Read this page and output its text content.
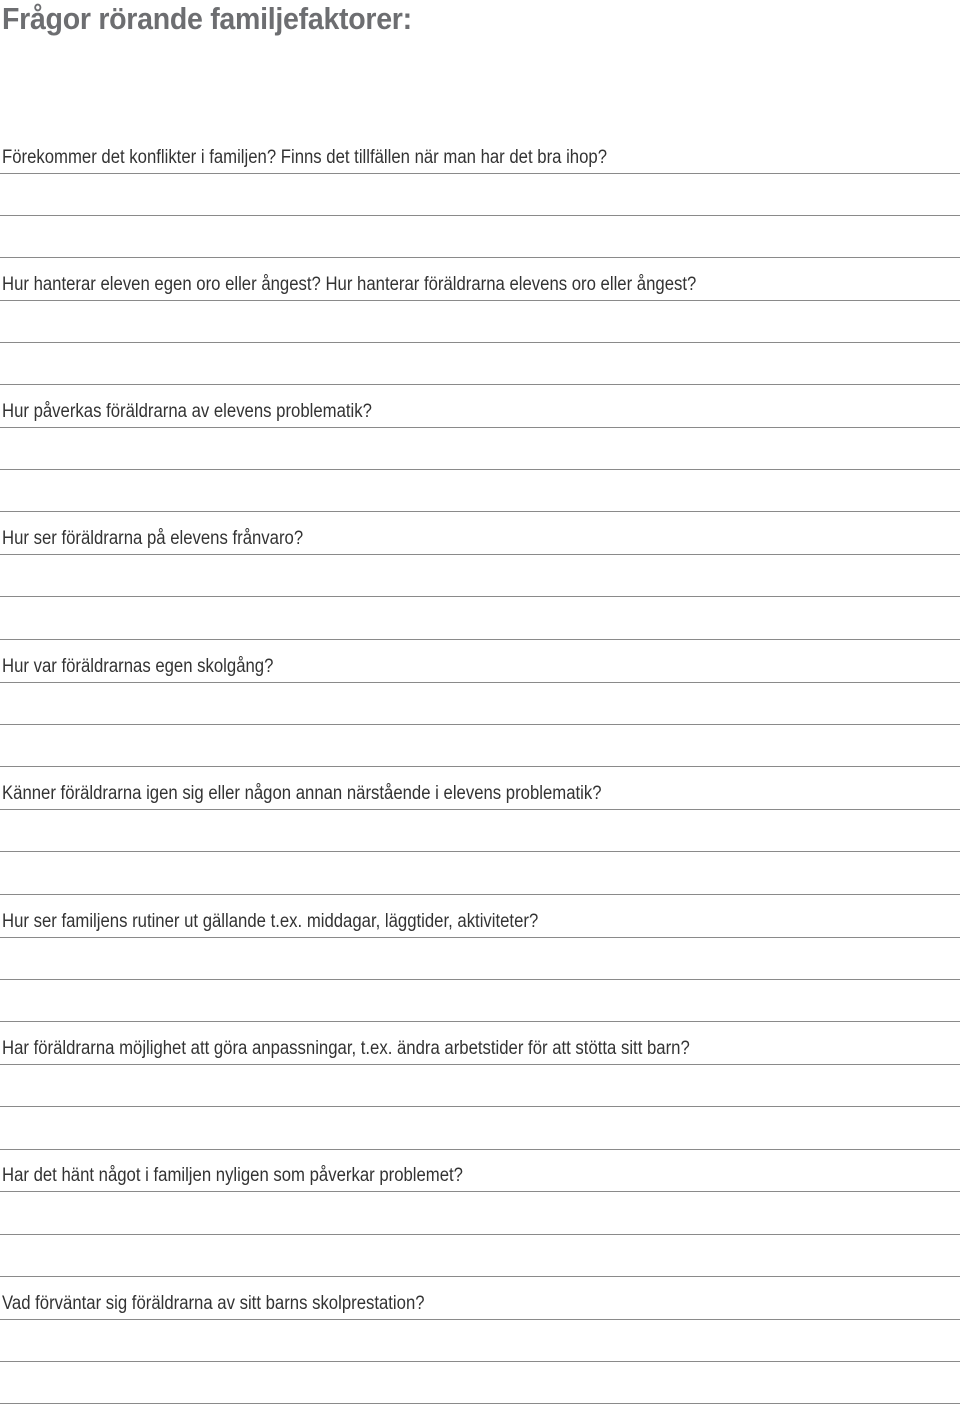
Frågor rörande familjefaktorer:
Förekommer det konflikter i familjen? Finns det tillfällen när man har det bra ihop?
Hur hanterar eleven egen oro eller ångest? Hur hanterar föräldrarna elevens oro eller ångest?
Hur påverkas föräldrarna av elevens problematik?
Hur ser föräldrarna på elevens frånvaro?
Hur var föräldrarnas egen skolgång?
Känner föräldrarna igen sig eller någon annan närstående i elevens problematik?
Hur ser familjens rutiner ut gällande t.ex. middagar, läggtider, aktiviteter?
Har föräldrarna möjlighet att göra anpassningar, t.ex. ändra arbetstider för att stötta sitt barn?
Har det hänt något i familjen nyligen som påverkar problemet?
Vad förväntar sig föräldrarna av sitt barns skolprestation?
